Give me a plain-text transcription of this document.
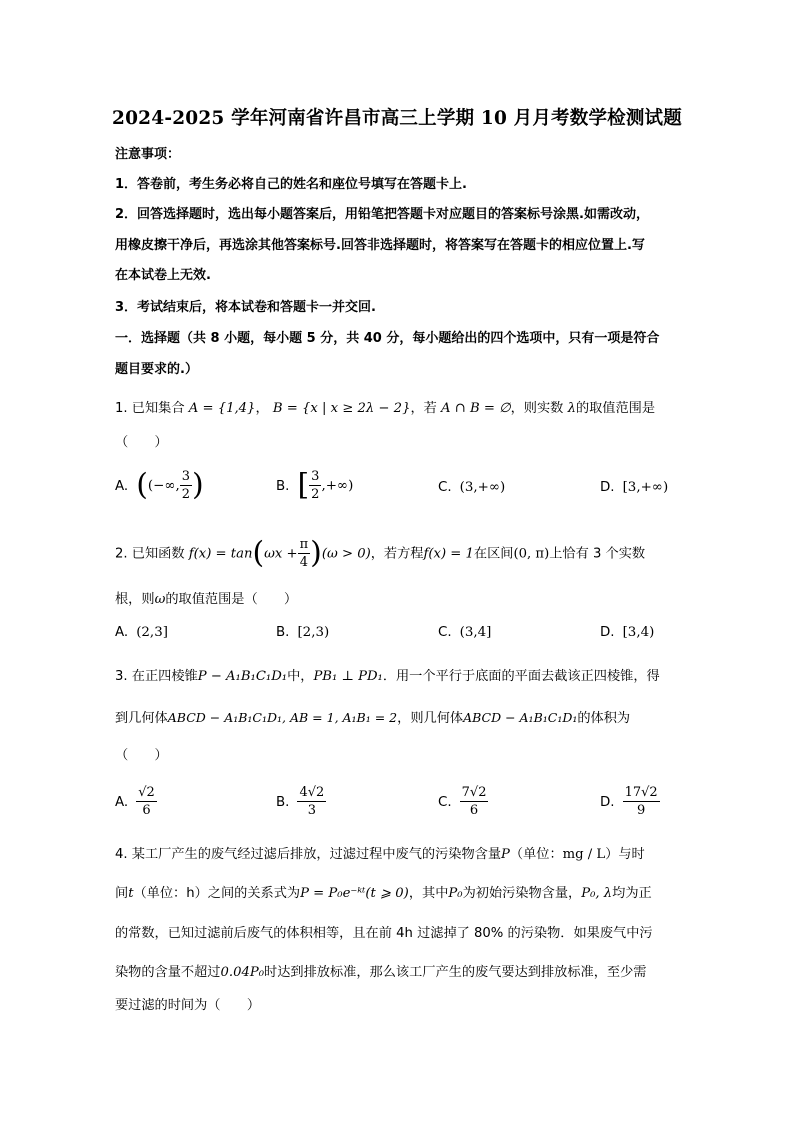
2024-2025 学年河南省许昌市高三上学期 10 月月考数学检测试题
注意事项：
1．答卷前，考生务必将自己的姓名和座位号填写在答题卡上.
2．回答选择题时，选出每小题答案后，用铅笔把答题卡对应题目的答案标号涂黑.如需改动，
用橡皮擦干净后，再选涂其他答案标号.回答非选择题时，将答案写在答题卡的相应位置上.写
在本试卷上无效.
3．考试结束后，将本试卷和答题卡一并交回.
一．选择题（共 8 小题，每小题 5 分，共 40 分，每小题给出的四个选项中，只有一项是符合
题目要求的.）
1. 已知集合 A = {1,4}， B = {x | x ≥ 2λ − 2}，若 A ∩ B = ∅，则实数 λ的取值范围是
（　　）
A. ((−∞, $\frac{3}{2}$ )	B. [ $\frac{3}{2}$ ,+∞)	C. (3,+∞)	D. [3,+∞)
2. 已知函数 $f(x) = \tan(\omega x + \frac{\pi}{4} )(\omega > 0)$，若方程f(x) = 1在区间(0, π)上恰有 3 个实数
根，则ω的取值范围是（　　）
A. (2,3]	B. [2,3)	C. (3,4]	D. [3,4)
3. 在正四棱锥P − A₁B₁C₁D₁中，PB₁ ⊥ PD₁．用一个平行于底面的平面去截该正四棱锥，得
到几何体ABCD − A₁B₁C₁D₁, AB = 1, A₁B₁ = 2，则几何体ABCD − A₁B₁C₁D₁的体积为
（　　）
A. $\frac{√2}{6}$	B. $\frac{4√2}{3}$	C. $\frac{7√2}{6}$	D. $\frac{17√2}{9}$
4. 某工厂产生的废气经过滤后排放，过滤过程中废气的污染物含量P（单位：mg / L）与时
间t（单位：h）之间的关系式为P = P₀e⁻ᵏᵗ(t ⩾ 0)，其中P₀为初始污染物含量，P₀, λ均为正
的常数，已知过滤前后废气的体积相等，且在前 4h 过滤掉了 80% 的污染物．如果废气中污
染物的含量不超过0.04P₀时达到排放标准，那么该工厂产生的废气要达到排放标准，至少需
要过滤的时间为（　　）
